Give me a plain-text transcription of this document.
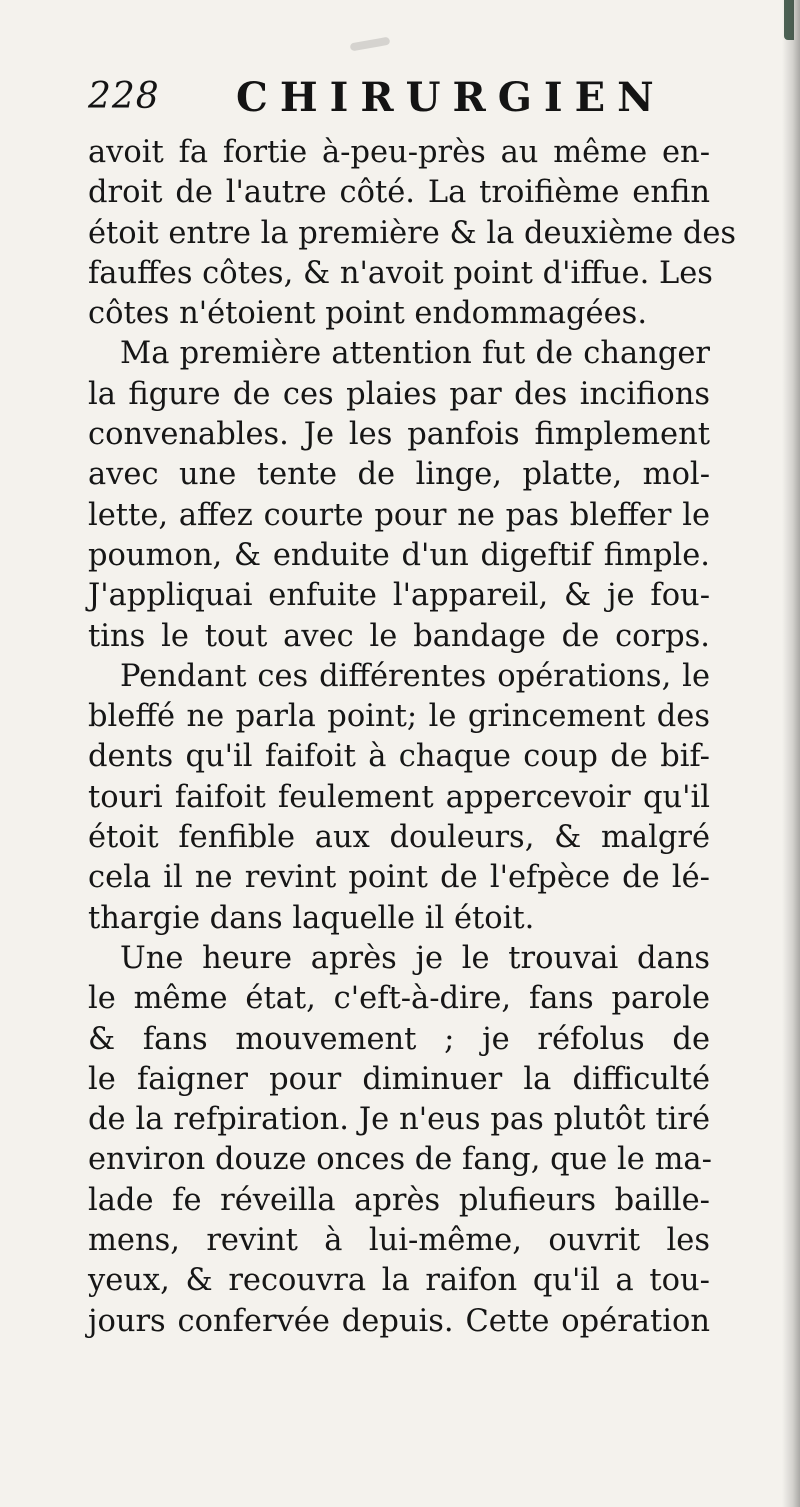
228 CHIRURGIEN
avoit fa fortie à-peu-près au même en-
droit de l'autre côté. La troifième enfin
étoit entre la première & la deuxième des
fauffes côtes, & n'avoit point d'iffue. Les
côtes n'étoient point endommagées.
Ma première attention fut de changer
la figure de ces plaies par des incifions
convenables. Je les panfois fimplement
avec une tente de linge, platte, mol-
lette, affez courte pour ne pas bleffer le
poumon, & enduite d'un digeftif fimple.
J'appliquai enfuite l'appareil, & je fou-
tins le tout avec le bandage de corps.
Pendant ces différentes opérations, le
bleffé ne parla point; le grincement des
dents qu'il faifoit à chaque coup de bif-
touri faifoit feulement appercevoir qu'il
étoit fenfible aux douleurs, & malgré
cela il ne revint point de l'efpèce de lé-
thargie dans laquelle il étoit.
Une heure après je le trouvai dans
le même état, c'eft-à-dire, fans parole
& fans mouvement ; je réfolus de
le faigner pour diminuer la difficulté
de la refpiration. Je n'eus pas plutôt tiré
environ douze onces de fang, que le ma-
lade fe réveilla après plufieurs baille-
mens, revint à lui-même, ouvrit les
yeux, & recouvra la raifon qu'il a tou-
jours confervée depuis. Cette opération
